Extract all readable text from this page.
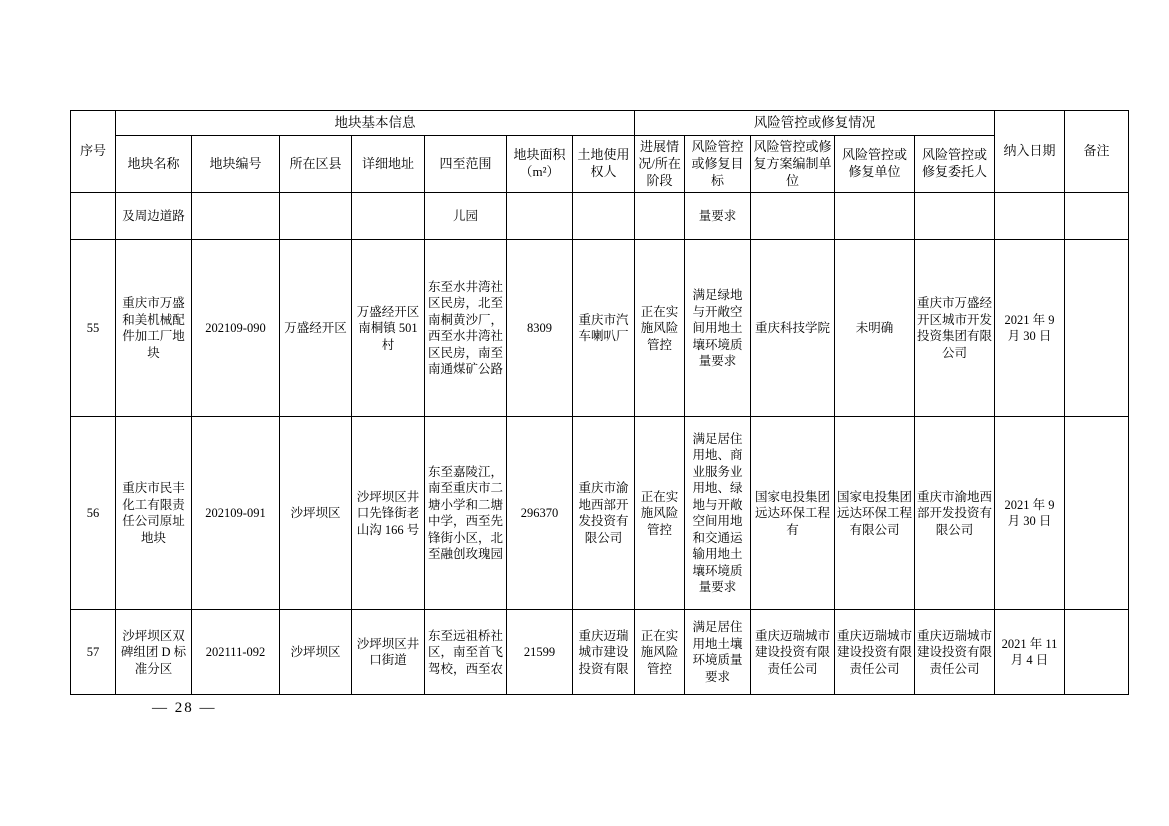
序号	地块基本信息							风险管控或修复情况					纳入日期	备注
	地块名称	地块编号	所在区县	详细地址	四至范围	地块面积（m²）	土地使用权人	进展情况/所在阶段	风险管控或修复目标	风险管控或修复方案编制单位	风险管控或修复单位	风险管控或修复委托人		
	及周边道路				儿园				量要求					
55	重庆市万盛和美机械配件加工厂地块	202109-090	万盛经开区	万盛经开区南桐镇 501 村	东至水井湾社区民房，北至南桐黄沙厂，西至水井湾社区民房，南至南通煤矿公路	8309	重庆市汽车喇叭厂	正在实施风险管控	满足绿地与开敞空间用地土壤环境质量要求	重庆科技学院	未明确	重庆市万盛经开区城市开发投资集团有限公司	2021 年 9 月 30 日	
56	重庆市民丰化工有限责任公司原址地块	202109-091	沙坪坝区	沙坪坝区井口先锋街老山沟 166 号	东至嘉陵江，南至重庆市二塘小学和二塘中学，西至先锋街小区，北至融创玫瑰园	296370	重庆市渝地西部开发投资有限公司	正在实施风险管控	满足居住用地、商业服务业用地、绿地与开敞空间用地和交通运输用地土壤环境质量要求	国家电投集团远达环保工程有	国家电投集团远达环保工程有限公司	重庆市渝地西部开发投资有限公司	2021 年 9 月 30 日	
57	沙坪坝区双碑组团 D 标准分区	202111-092	沙坪坝区	沙坪坝区井口街道	东至远祖桥社区，南至首飞驾校，西至农	21599	重庆迈瑞城市建设投资有限	正在实施风险管控	满足居住用地土壤环境质量要求	重庆迈瑞城市建设投资有限责任公司	重庆迈瑞城市建设投资有限责任公司	重庆迈瑞城市建设投资有限责任公司	2021 年 11 月 4 日	
— 28 —
